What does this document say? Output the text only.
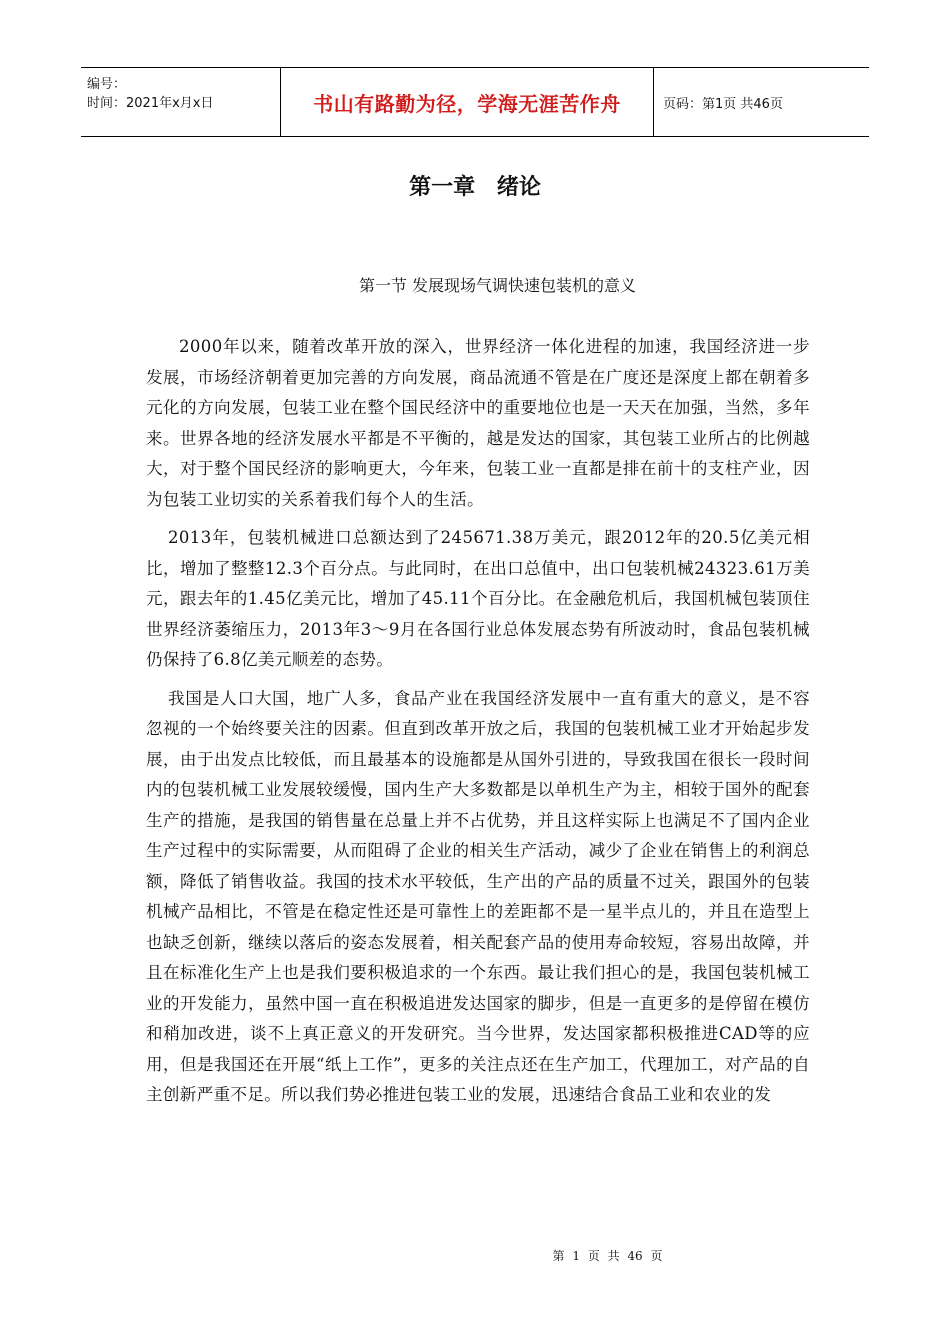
编号：
时间：2021年x月x日	书山有路勤为径，学海无涯苦作舟	页码：第1页 共46页
第一章 绪论
第一节 发展现场气调快速包装机的意义

2000年以来，随着改革开放的深入，世界经济一体化进程的加速，我国经济进一步发展，市场经济朝着更加完善的方向发展，商品流通不管是在广度还是深度上都在朝着多元化的方向发展，包装工业在整个国民经济中的重要地位也是一天天在加强，当然，多年来。世界各地的经济发展水平都是不平衡的，越是发达的国家，其包装工业所占的比例越大，对于整个国民经济的影响更大，今年来，包装工业一直都是排在前十的支柱产业，因为包装工业切实的关系着我们每个人的生活。

2013年，包装机械进口总额达到了245671.38万美元，跟2012年的20.5亿美元相比，增加了整整12.3个百分点。与此同时，在出口总值中，出口包装机械24323.61万美元，跟去年的1.45亿美元比，增加了45.11个百分比。在金融危机后，我国机械包装顶住世界经济萎缩压力，2013年3～9月在各国行业总体发展态势有所波动时，食品包装机械仍保持了6.8亿美元顺差的态势。

我国是人口大国，地广人多，食品产业在我国经济发展中一直有重大的意义，是不容忽视的一个始终要关注的因素。但直到改革开放之后，我国的包装机械工业才开始起步发展，由于出发点比较低，而且最基本的设施都是从国外引进的，导致我国在很长一段时间内的包装机械工业发展较缓慢，国内生产大多数都是以单机生产为主，相较于国外的配套生产的措施，是我国的销售量在总量上并不占优势，并且这样实际上也满足不了国内企业生产过程中的实际需要，从而阻碍了企业的相关生产活动，减少了企业在销售上的利润总额，降低了销售收益。我国的技术水平较低，生产出的产品的质量不过关，跟国外的包装机械产品相比，不管是在稳定性还是可靠性上的差距都不是一星半点儿的，并且在造型上也缺乏创新，继续以落后的姿态发展着，相关配套产品的使用寿命较短，容易出故障，并且在标准化生产上也是我们要积极追求的一个东西。最让我们担心的是，我国包装机械工业的开发能力，虽然中国一直在积极追进发达国家的脚步，但是一直更多的是停留在模仿和稍加改进，谈不上真正意义的开发研究。当今世界，发达国家都积极推进CAD等的应用，但是我国还在开展“纸上工作”，更多的关注点还在生产加工，代理加工，对产品的自主创新严重不足。所以我们势必推进包装工业的发展，迅速结合食品工业和农业的发

第 1 页 共 46 页
